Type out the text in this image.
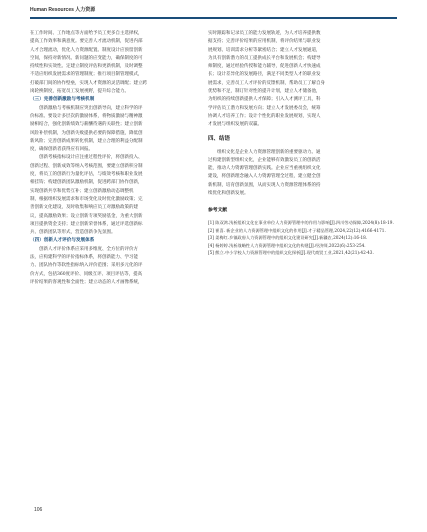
Human Resources 人力资源
在工作时间、工作地点等方面给予员工更多自主选择权，
提高工作效率和满意度。要完善人才流动机制，促进内部
人才合理流动，优化人力资源配置。制度设计应预留创新
空间，保持对新情况、新问题的应变能力，确保制度的可
持续性和实效性。定建立制度评估和更新机制，及时调整
不适应组织发展需求的管理制度；推行项目制管理模式，
打破部门间的协作壁垒，实现人才资源的灵活调配；建立跨
岗轮换制度，拓宽员工发展视野，提升综合能力。
（三）完善创新激励与考核机制
创新激励与考核机制应突出创新导向，建立科学的评
价标准。要设计多层次的激励体系，将物质激励与精神激
励相结合，强化创新绩效与薪酬待遇的关联性；建立创新
风险补偿机制，为创新失败提供必要的保障措施，降低创
新风险；完善创新成果转化机制，建立合理的利益分配制
度，确保创新者获得应有回报。
创新考核指标设计应注重过程性评价，将创新投入、
创新过程、创新成效等纳入考核范围，要建立创新积分制
度，将员工的创新行为量化评估，与绩效考核和职业发展
相挂钩；构建创新团队激励机制，促进跨部门协作创新，
实现创新共享和优势互补；建立创新激励动态调整机
制，根据组织发展需求和市场变化及时优化激励政策；完
善创新文化建设，及时收集和响应员工对激励政策的建
议，提高激励效果；设立创新专项奖励基金，为重大创新
项目提供资金支持；建立创新荣誉体系，通过评选创新标
兵、创新团队等形式，营造创新争先氛围。
（四）创新人才评价与发展体系
创新人才评价体系应采用多维度、全方位的评价方
法，应构建科学的评价指标体系，将创新能力、学习能
力、团队协作等软性指标纳入评价范围；采用多元化的评
价方式，包括360度评价、同级互评、项目评估等，提高
评价结果的客观性和全面性；建立动态的人才画像系统，
实时跟踪和记录员工的能力发展轨迹，为人才培养提供数
据支持；完善评价结果的应用机制，将评价结果与职业发
展规划、培训需求分析等紧密结合；建立人才发展通道，
为具有创新潜力的员工提供成长平台和发展机会；构建导
师制度，通过经验传授和能力辅导，促进创新人才快速成
长；设计差异化的发展路径，满足不同类型人才的职业发
展需求，完善员工人才评价的反馈机制，帮助员工了解自身
优势和不足，制订针对性的提升计划，建立人才储备池，
为组织的持续创新提供人才保障；引入人才测评工具，科
学评估员工潜力和发展方向；建立人才发展委员会，统筹
协调人才培养工作；设计个性化的职业发展规划，实现人
才发展与组织发展的双赢。
四、结语
组织文化是企业人力资源管理创新的重要驱动力。通
过构建创新型组织文化，企业能够有效激发员工的创新活
能，推动人力资源管理创新实践。企业应当重视组织文化
建设，将创新理念融入人力资源管理全过程，建立健全创
新机制，培育创新氛围，从而实现人力资源管理体系的持
续优化和创新发展。
参考文献
[1] 陈双鸿.浅析组织文化在事业单位人力资源管理中的作用与影响[J].四川劳动保障,2024(8):18-19.
[2] 崔喜. 新企业的人力资源管理中组织文化的作用[J].才子精品管理,2024,22(12):4166-4171.
[3] 姜梅红.乡镇政府人力资源管理中的组织文化建设研究[J].新疆农,2024(12):16-18.
[4] 杨婷婷.浅析战略性人力资源管理中组织文化的构建[J].经济师,2022(6):253-254.
[5] 熊立.中小学校人力资源管理中的组织文化探析[J].现代商贸工业,2021,42(21):42-43.
106
